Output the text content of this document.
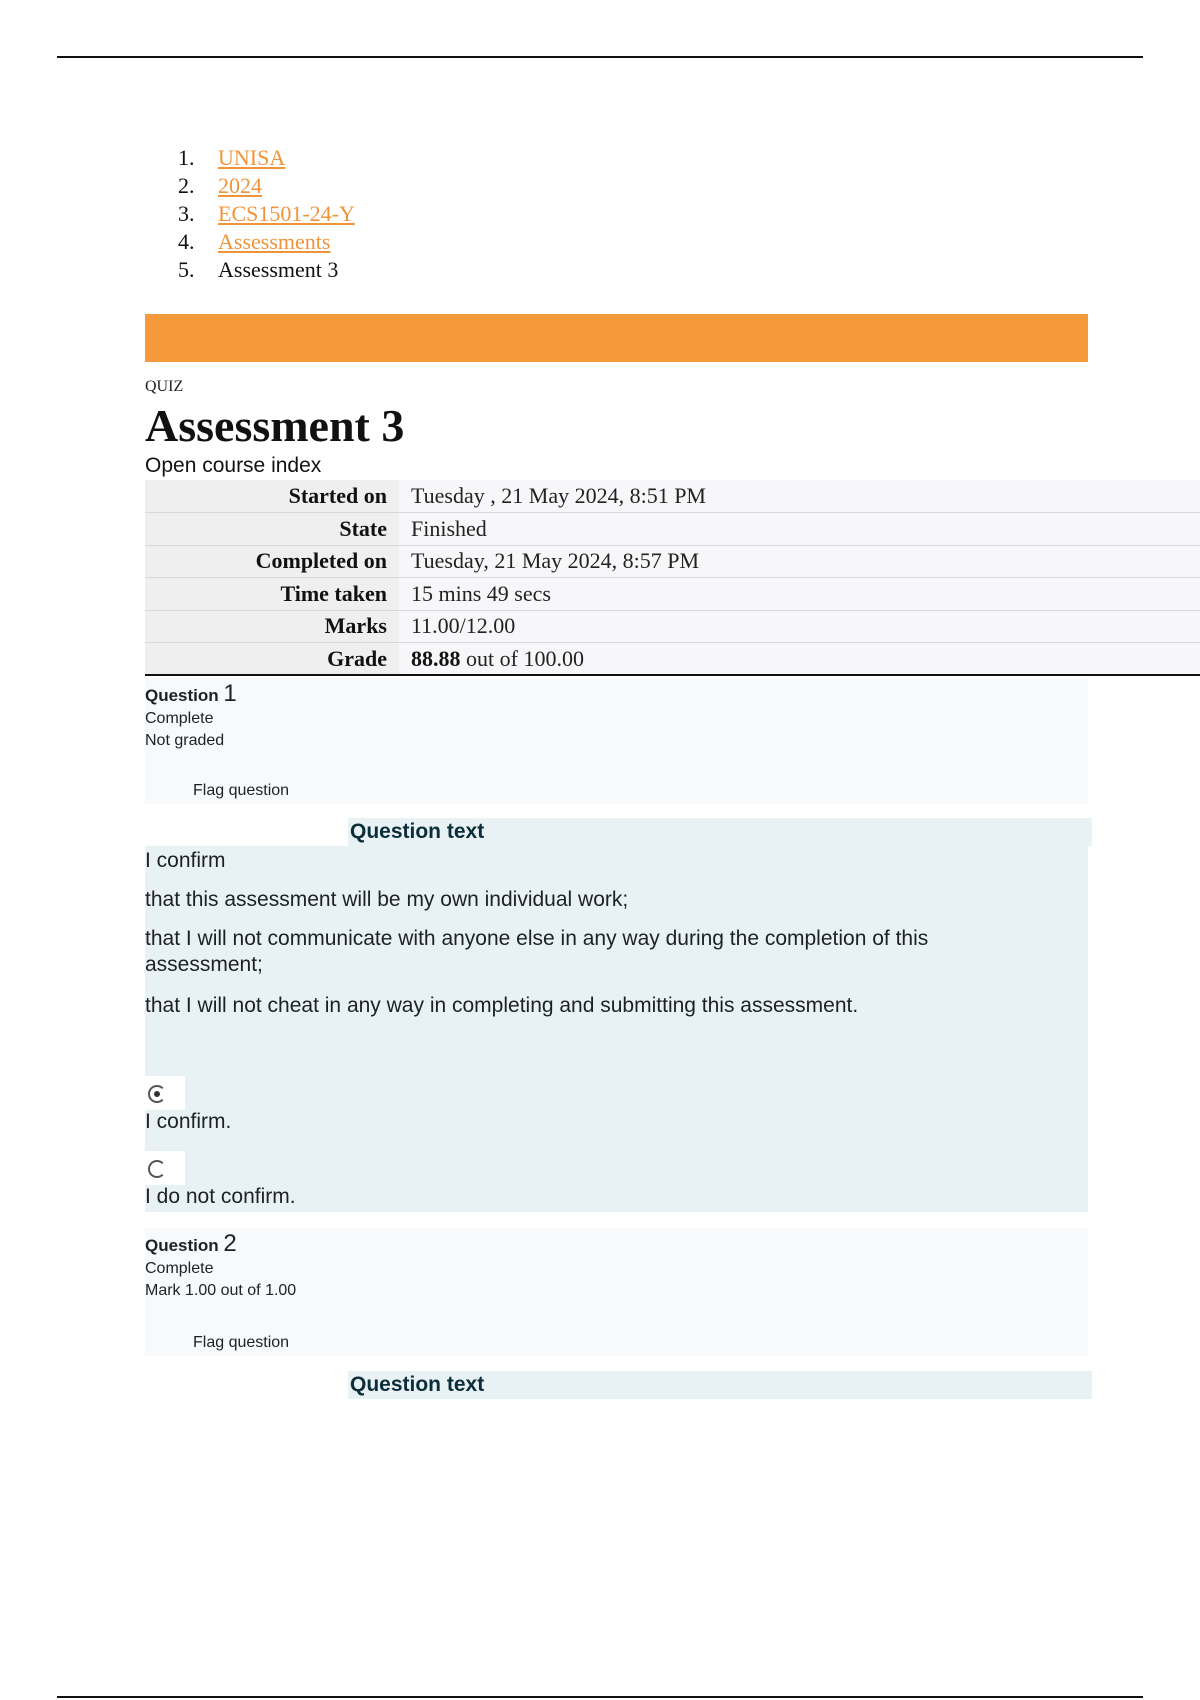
1.	UNISA
2.	2024
3.	ECS1501-24-Y
4.	Assessments
5.	Assessment 3
QUIZ
Assessment 3
Open course index
Started on	Tuesday , 21 May 2024, 8:51 PM
State	Finished
Completed on	Tuesday, 21 May 2024, 8:57 PM
Time taken	15 mins 49 secs
Marks	11.00/12.00
Grade	88.88 out of 100.00
Question 1
Complete
Not graded
Flag question
Question text

I confirm

that this assessment will be my own individual work;

that I will not communicate with anyone else in any way during the completion of this assessment;

that I will not cheat in any way in completing and submitting this assessment.

I confirm.
I do not confirm.
Question 2
Complete
Mark 1.00 out of 1.00
Flag question
Question text
